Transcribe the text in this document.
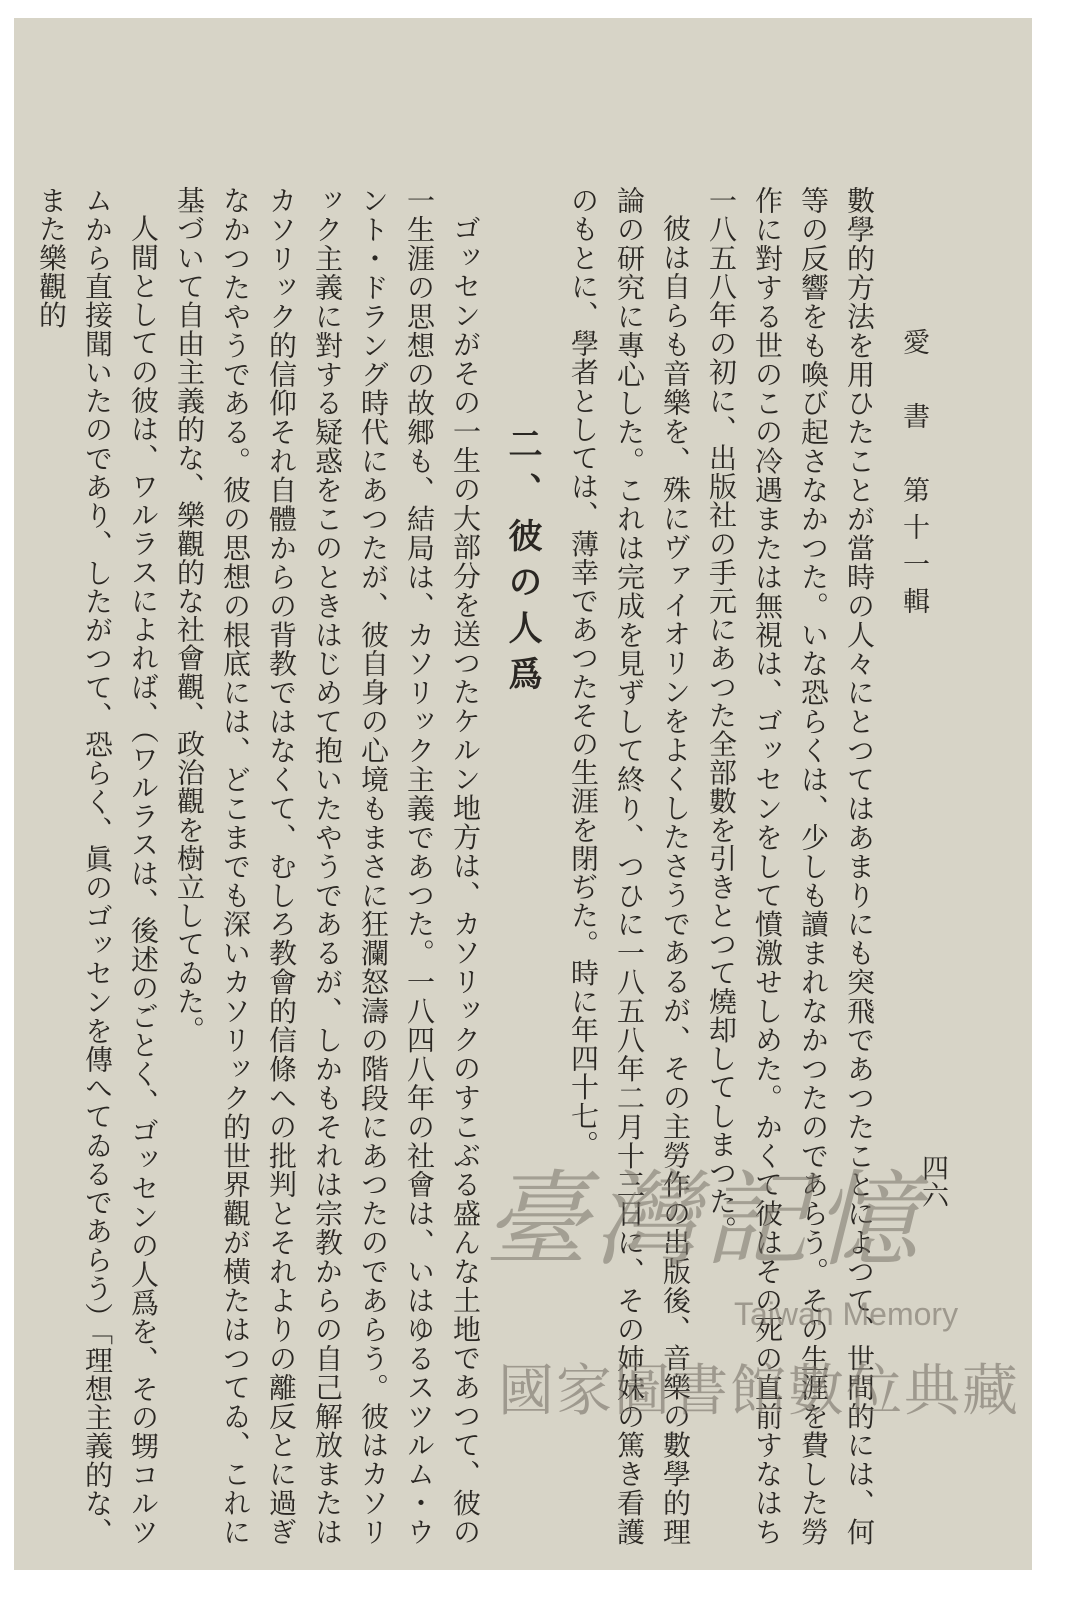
愛　書　第十一輯
四六

數學的方法を用ひたことが當時の人々にとつてはあまりにも突飛であつたことによつて、世間的には、何等の反響をも喚び起さなかつた。いな恐らくは、少しも讀まれなかつたのであらう。その生涯を費した勞作に對する世のこの冷遇または無視は、ゴッセンをして憤激せしめた。かくて彼はその死の直前すなはち一八五八年の初に、出版社の手元にあつた全部數を引きとつて燒却してしまつた。

彼は自らも音樂を、殊にヴァイオリンをよくしたさうであるが、その主勞作の出版後、音樂の數學的理論の研究に專心した。これは完成を見ずして終り、つひに一八五八年二月十三日に、その姉妹の篤き看護のもとに、學者としては、薄幸であつたその生涯を閉ぢた。時に年四十七。

二、彼の人爲

ゴッセンがその一生の大部分を送つたケルン地方は、カソリックのすこぶる盛んな土地であつて、彼の一生涯の思想の故郷も、結局は、カソリック主義であつた。一八四八年の社會は、いはゆるスツルム・ウント・ドラング時代にあつたが、彼自身の心境もまさに狂瀾怒濤の階段にあつたのであらう。彼はカソリック主義に對する疑惑をこのときはじめて抱いたやうであるが、しかもそれは宗教からの自己解放またはカソリック的信仰それ自體からの背教ではなくて、むしろ教會的信條への批判とそれよりの離反とに過ぎなかつたやうである。彼の思想の根底には、どこまでも深いカソリック的世界觀が横たはつてゐ、これに基づいて自由主義的な、樂觀的な社會觀、政治觀を樹立してゐた。

人間としての彼は、ワルラスによれば、（ワルラスは、後述のごとく、ゴッセンの人爲を、その甥コルツムから直接聞いたのであり、したがつて、恐らく、眞のゴッセンを傳へてゐるであらう）「理想主義的な、また樂觀的

臺灣記憶
Taiwan Memory
國家圖書館數位典藏
